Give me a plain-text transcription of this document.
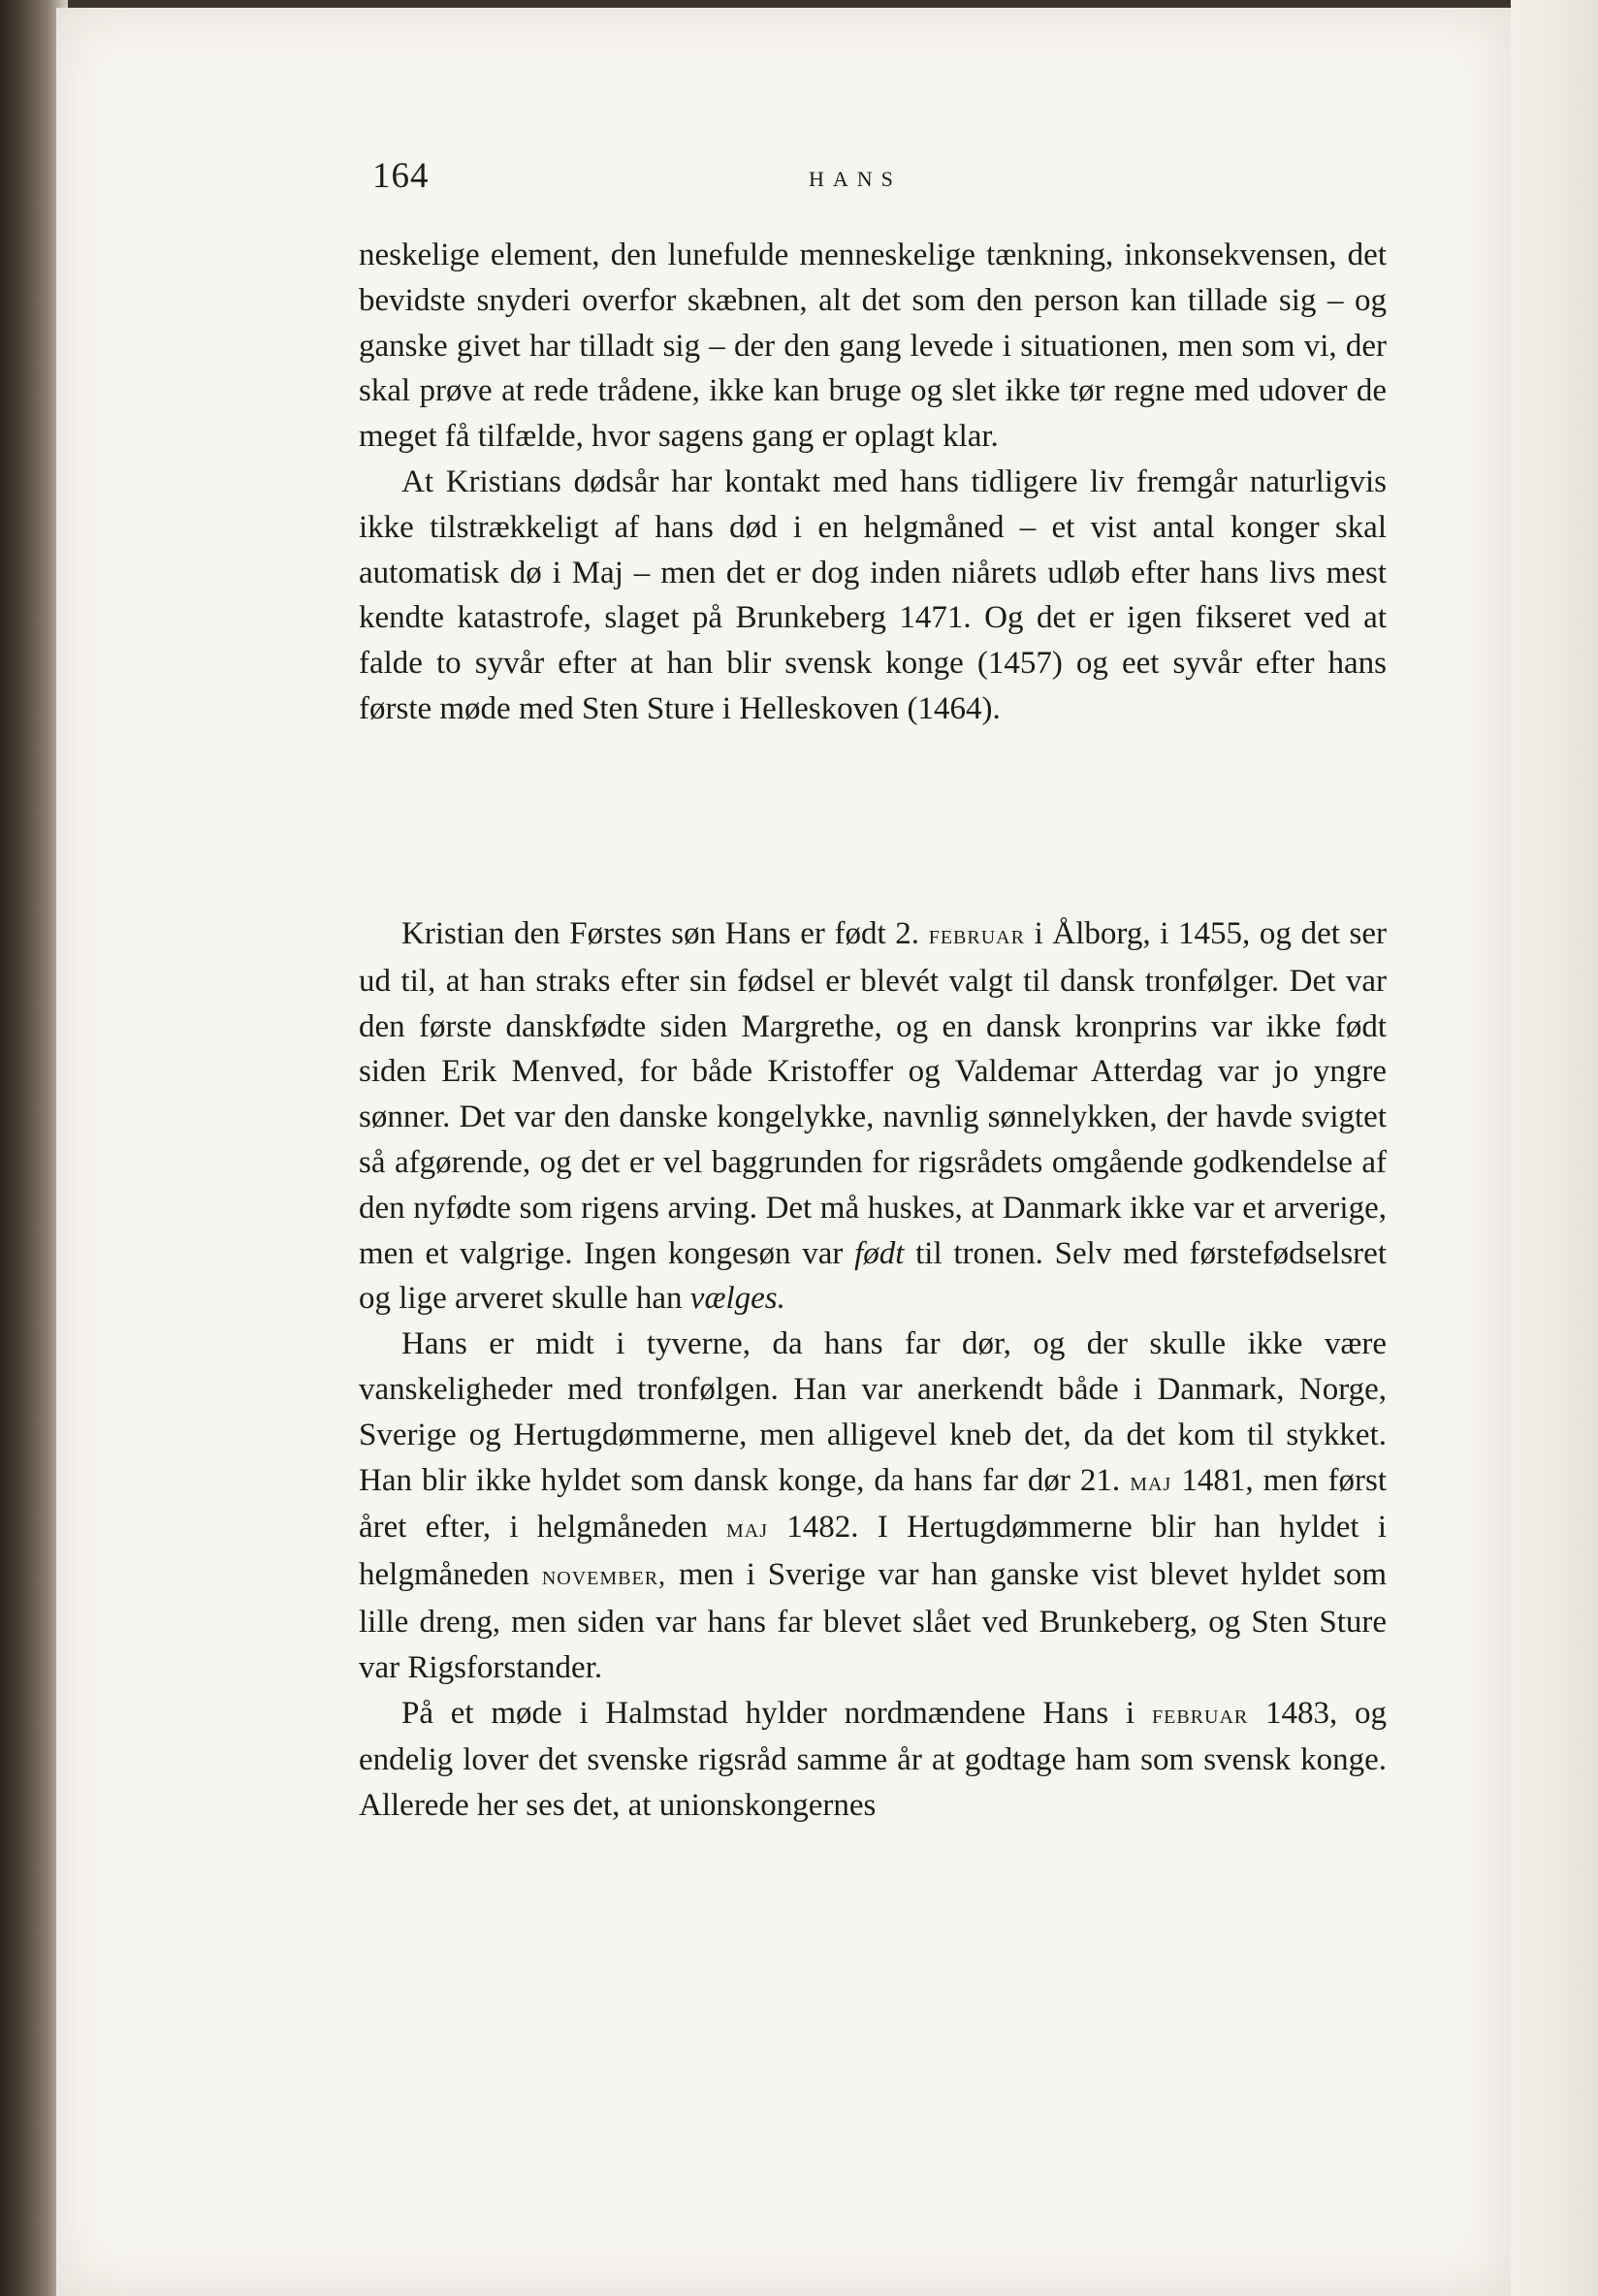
164	HANS

neskelige element, den lunefulde menneskelige tænkning, inkonsekvensen, det bevidste snyderi overfor skæbnen, alt det som den person kan tillade sig – og ganske givet har tilladt sig – der den gang levede i situationen, men som vi, der skal prøve at rede trådene, ikke kan bruge og slet ikke tør regne med udover de meget få tilfælde, hvor sagens gang er oplagt klar.

At Kristians dødsår har kontakt med hans tidligere liv fremgår naturligvis ikke tilstrækkeligt af hans død i en helgmåned – et vist antal konger skal automatisk dø i Maj – men det er dog inden niårets udløb efter hans livs mest kendte katastrofe, slaget på Brunkeberg 1471. Og det er igen fikseret ved at falde to syvår efter at han blir svensk konge (1457) og eet syvår efter hans første møde med Sten Sture i Helleskoven (1464).

Kristian den Førstes søn Hans er født 2. februar i Ålborg, i 1455, og det ser ud til, at han straks efter sin fødsel er blevét valgt til dansk tronfølger. Det var den første danskfødte siden Margrethe, og en dansk kronprins var ikke født siden Erik Menved, for både Kristoffer og Valdemar Atterdag var jo yngre sønner. Det var den danske kongelykke, navnlig sønnelykken, der havde svigtet så afgørende, og det er vel baggrunden for rigsrådets omgående godkendelse af den nyfødte som rigens arving. Det må huskes, at Danmark ikke var et arverige, men et valgrige. Ingen kongesøn var født til tronen. Selv med førstefødselsret og lige arveret skulle han vælges.

Hans er midt i tyverne, da hans far dør, og der skulle ikke være vanskeligheder med tronfølgen. Han var anerkendt både i Danmark, Norge, Sverige og Hertugdømmerne, men alligevel kneb det, da det kom til stykket. Han blir ikke hyldet som dansk konge, da hans far dør 21. maj 1481, men først året efter, i helgmåneden maj 1482. I Hertugdømmerne blir han hyldet i helgmåneden november, men i Sverige var han ganske vist blevet hyldet som lille dreng, men siden var hans far blevet slået ved Brunkeberg, og Sten Sture var Rigsforstander.

På et møde i Halmstad hylder nordmændene Hans i februar 1483, og endelig lover det svenske rigsråd samme år at godtage ham som svensk konge. Allerede her ses det, at unionskongernes
